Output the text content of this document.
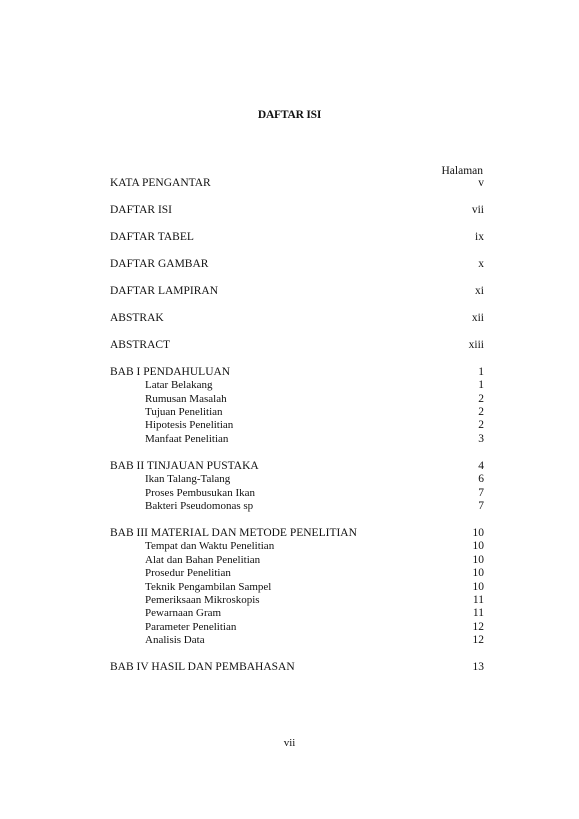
DAFTAR ISI
Halaman
KATA PENGANTAR	v
DAFTAR ISI	vii
DAFTAR TABEL	ix
DAFTAR GAMBAR	x
DAFTAR LAMPIRAN	xi
ABSTRAK	xii
ABSTRACT	xiii
BAB I PENDAHULUAN	1
Latar Belakang	1
Rumusan Masalah	2
Tujuan Penelitian	2
Hipotesis Penelitian	2
Manfaat Penelitian	3
BAB II TINJAUAN PUSTAKA	4
Ikan Talang-Talang	6
Proses Pembusukan Ikan	7
Bakteri Pseudomonas sp	7
BAB III MATERIAL DAN METODE PENELITIAN	10
Tempat dan Waktu Penelitian	10
Alat dan Bahan Penelitian	10
Prosedur Penelitian	10
Teknik Pengambilan Sampel	10
Pemeriksaan Mikroskopis	11
Pewarnaan Gram	11
Parameter Penelitian	12
Analisis Data	12
BAB IV HASIL DAN PEMBAHASAN	13
vii
